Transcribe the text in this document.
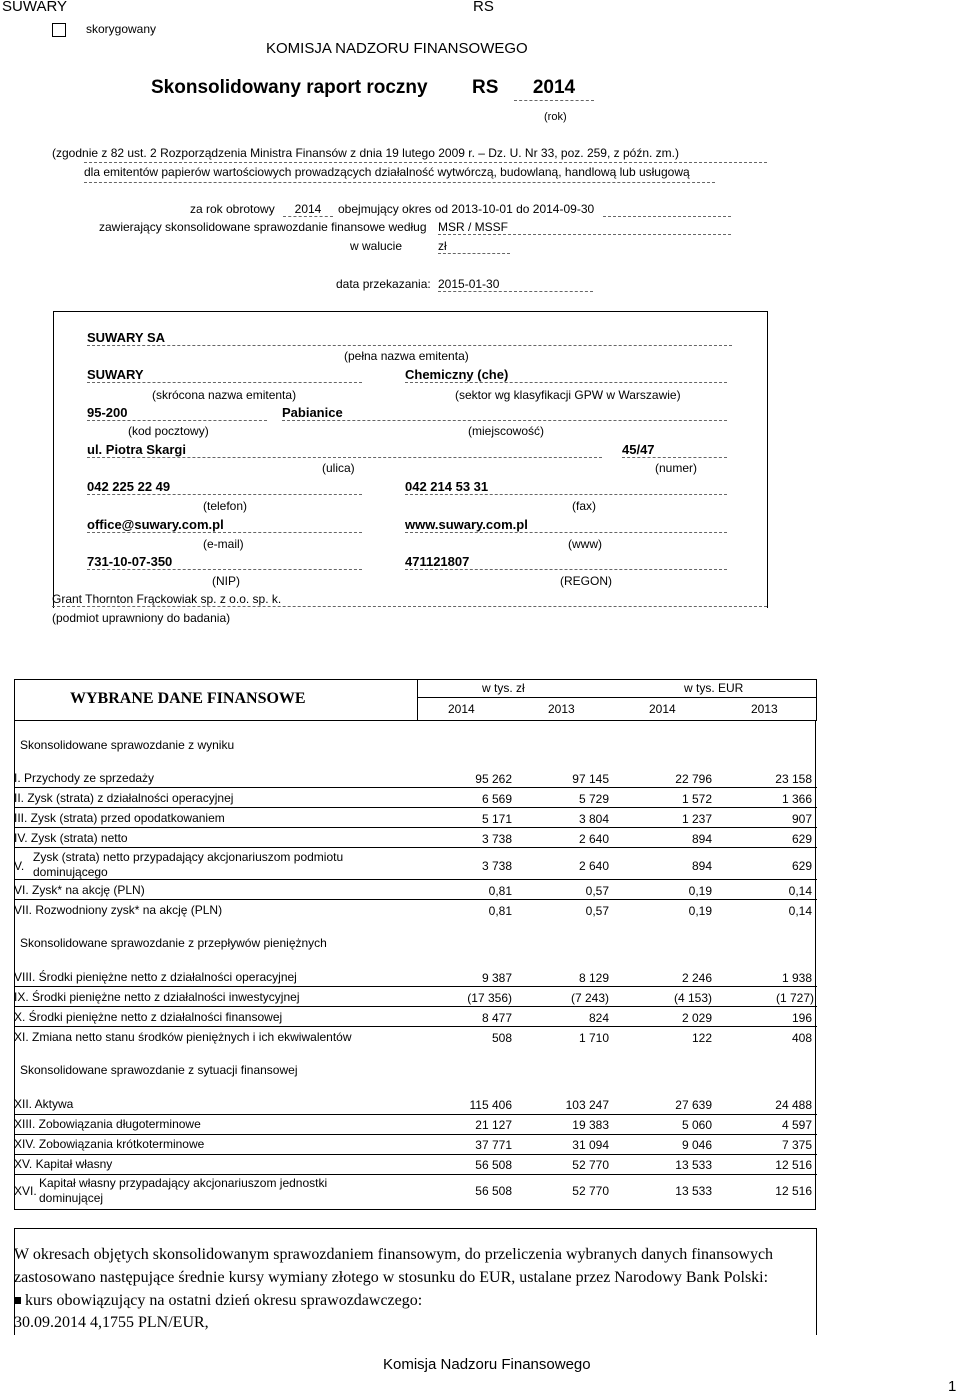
SUWARY	RS
skorygowany
KOMISJA NADZORU FINANSOWEGO
Skonsolidowany raport roczny RS	2014
(rok)
(zgodnie z 82 ust. 2 Rozporządzenia Ministra Finansów z dnia 19 lutego 2009 r. – Dz. U. Nr 33, poz. 259, z późn. zm.)
dla emitentów papierów wartościowych prowadzących działalność wytwórczą, budowlaną, handlową lub usługową
za rok obrotowy	2014	obejmujący okres od 2013-10-01 do 2014-09-30
zawierający skonsolidowane sprawozdanie finansowe według MSR / MSSF
w walucie	zł
data przekazania: 2015-01-30
SUWARY SA
(pełna nazwa emitenta)
SUWARY	Chemiczny (che)
(skrócona nazwa emitenta)	(sektor wg klasyfikacji GPW w Warszawie)
95-200	Pabianice
(kod pocztowy)	(miejscowość)
ul. Piotra Skargi	45/47
(ulica)	(numer)
042 225 22 49	042 214 53 31
(telefon)	(fax)
office@suwary.com.pl	www.suwary.com.pl
(e-mail)	(www)
731-10-07-350	471121807
(NIP)	(REGON)
Grant Thornton Frąckowiak sp. z o.o. sp. k.
(podmiot uprawniony do badania)
WYBRANE DANE FINANSOWE
w tys. zł	w tys. EUR
2014	2013	2014	2013
Skonsolidowane sprawozdanie z wyniku
I. Przychody ze sprzedaży	95 262	97 145	22 796	23 158
II. Zysk (strata) z działalności operacyjnej	6 569	5 729	1 572	1 366
III. Zysk (strata) przed opodatkowaniem	5 171	3 804	1 237	907
IV. Zysk (strata) netto	3 738	2 640	894	629
V.
Zysk (strata) netto przypadający akcjonariuszom podmiotu
dominującego	3 738	2 640	894	629
VI. Zysk* na akcję (PLN)	0,81	0,57	0,19	0,14
VII. Rozwodniony zysk* na akcję (PLN)	0,81	0,57	0,19	0,14
Skonsolidowane sprawozdanie z przepływów pieniężnych
VIII. Środki pieniężne netto z działalności operacyjnej	9 387	8 129	2 246	1 938
IX. Środki pieniężne netto z działalności inwestycyjnej	(17 356)	(7 243)	(4 153)	(1 727)
X. Środki pieniężne netto z działalności finansowej	8 477	824	2 029	196
XI. Zmiana netto stanu środków pieniężnych i ich ekwiwalentów	508	1 710	122	408
Skonsolidowane sprawozdanie z sytuacji finansowej
XII. Aktywa	115 406	103 247	27 639	24 488
XIII. Zobowiązania długoterminowe	21 127	19 383	5 060	4 597
XIV. Zobowiązania krótkoterminowe	37 771	31 094	9 046	7 375
XV. Kapitał własny	56 508	52 770	13 533	12 516
XVI.
Kapitał własny przypadający akcjonariuszom jednostki
dominującej	56 508	52 770	13 533	12 516
W okresach objętych skonsolidowanym sprawozdaniem finansowym, do przeliczenia wybranych danych finansowych
zastosowano następujące średnie kursy wymiany złotego w stosunku do EUR, ustalane przez Narodowy Bank Polski:
kurs obowiązujący na ostatni dzień okresu sprawozdawczego:
30.09.2014 4,1755 PLN/EUR,
Komisja Nadzoru Finansowego
1
